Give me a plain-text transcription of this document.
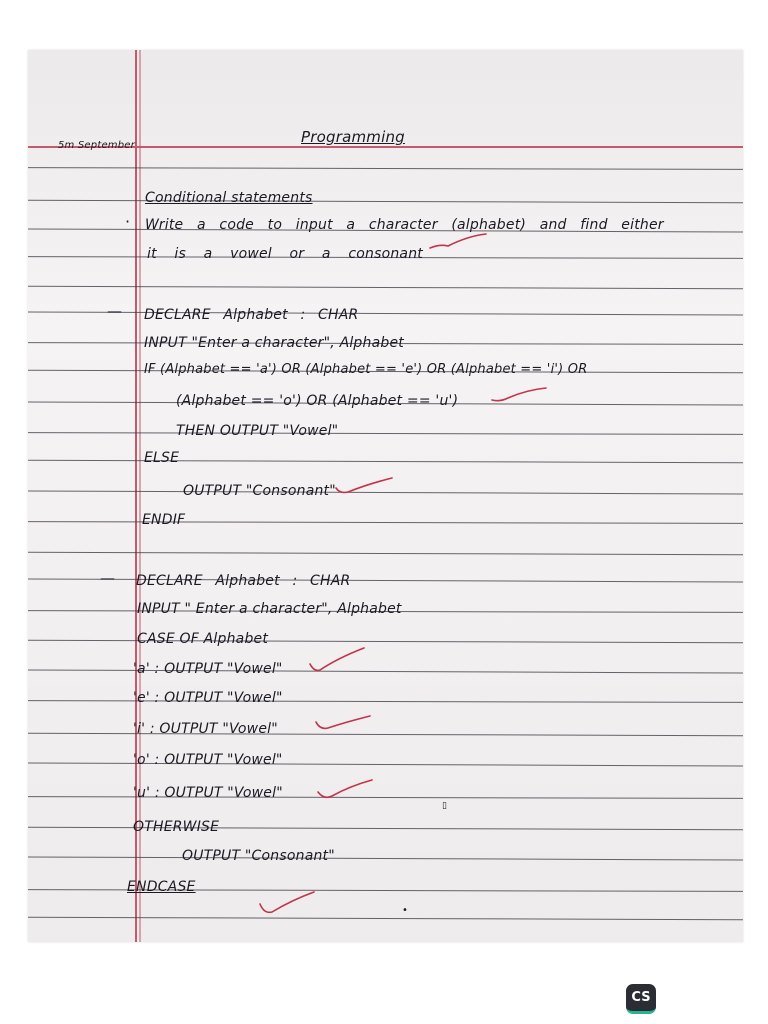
5m September	Programming
Conditional statements
· Write a code to input a character (alphabet) and find either
it is a vowel or a consonant
— DECLARE Alphabet : CHAR
INPUT "Enter a character", Alphabet
IF (Alphabet == 'a') OR (Alphabet == 'e') OR (Alphabet == 'i') OR
(Alphabet == 'o') OR (Alphabet == 'u')
THEN OUTPUT "Vowel"
ELSE
OUTPUT "Consonant"
ENDIF
— DECLARE Alphabet : CHAR
INPUT " Enter a character", Alphabet
CASE OF Alphabet
'a' : OUTPUT "Vowel"
'e' : OUTPUT "Vowel"
'i' : OUTPUT "Vowel"
'o' : OUTPUT "Vowel"
'u' : OUTPUT "Vowel"
OTHERWISE
OUTPUT "Consonant"
ENDCASE
▯
•
CS
